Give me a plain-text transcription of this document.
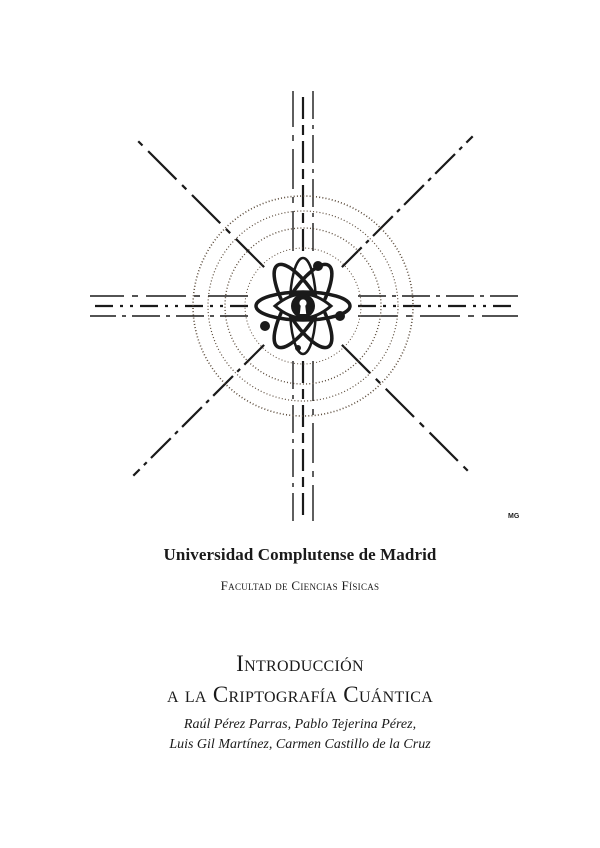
MG
Universidad Complutense de Madrid
Facultad de Ciencias Físicas
Introducción
a la Criptografía Cuántica
Raúl Pérez Parras, Pablo Tejerina Pérez,
Luis Gil Martínez, Carmen Castillo de la Cruz
